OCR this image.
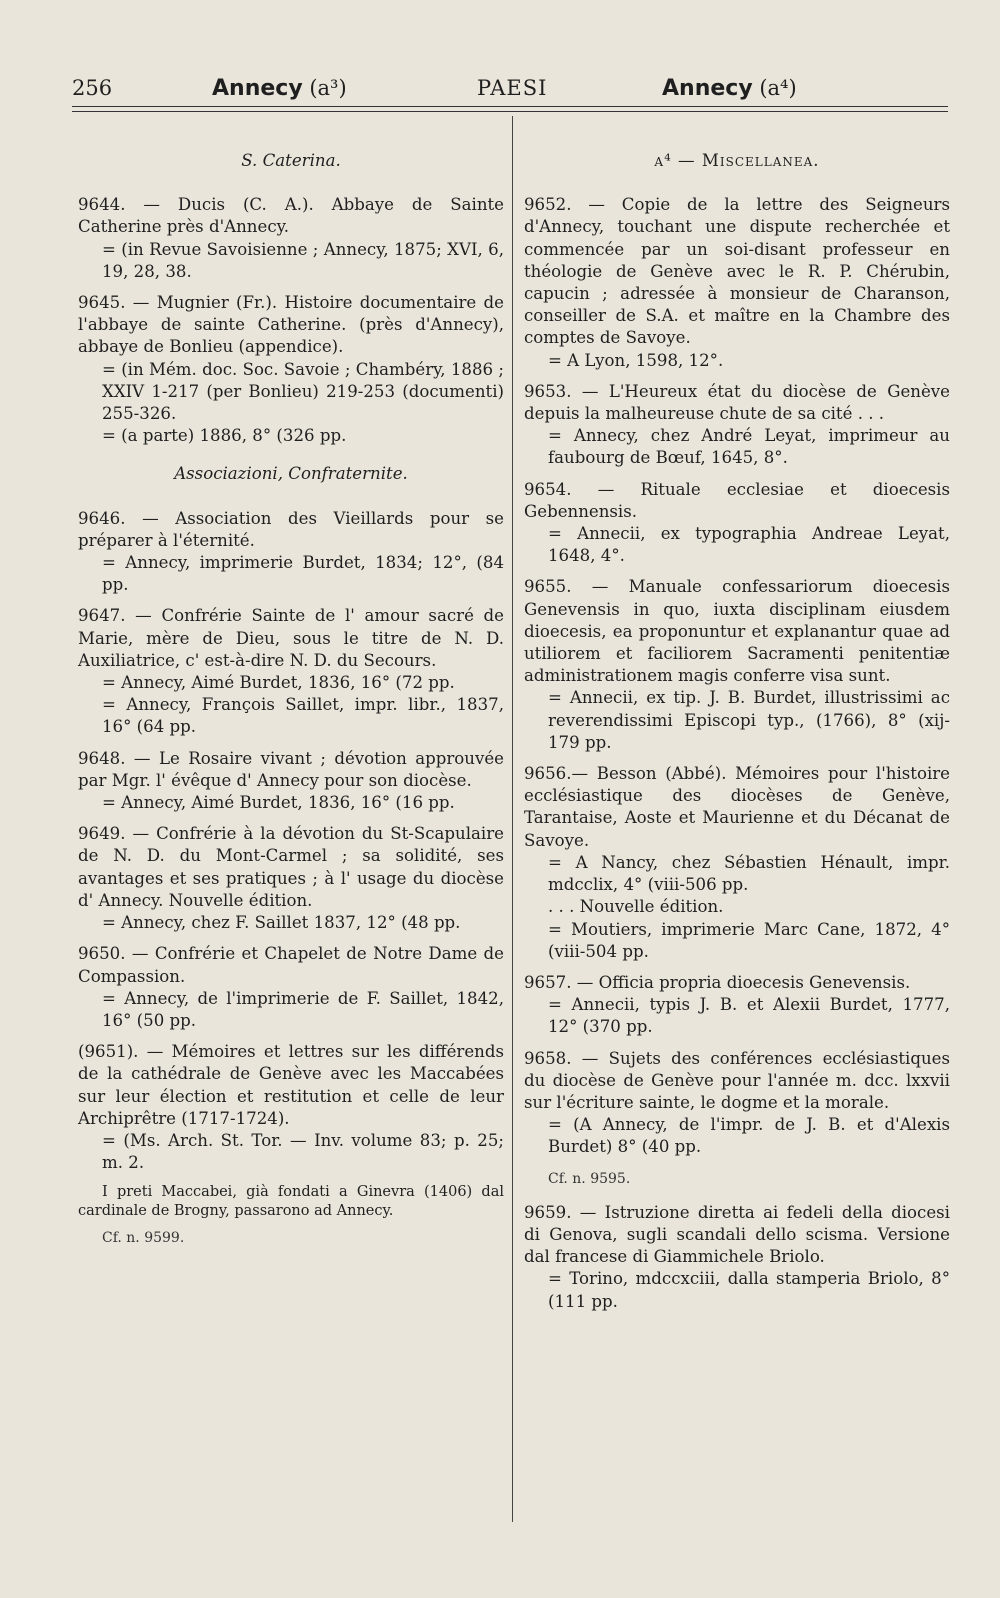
256	Annecy (a³)	PAESI	Annecy (a⁴)

S. Caterina.

9644. — Ducis (C. A.). Abbaye de Sainte Catherine près d'Annecy.

= (in Revue Savoisienne ; Annecy, 1875; XVI, 6, 19, 28, 38.

9645. — Mugnier (Fr.). Histoire documentaire de l'abbaye de sainte Catherine. (près d'Annecy), abbaye de Bonlieu (appendice).

= (in Mém. doc. Soc. Savoie ; Chambéry, 1886 ; XXIV 1-217 (per Bonlieu) 219-253 (documenti) 255-326.

= (a parte) 1886, 8° (326 pp.

Associazioni, Confraternite.

9646. — Association des Vieillards pour se préparer à l'éternité.

= Annecy, imprimerie Burdet, 1834; 12°, (84 pp.

9647. — Confrérie Sainte de l' amour sacré de Marie, mère de Dieu, sous le titre de N. D. Auxiliatrice, c' est-à-dire N. D. du Secours.

= Annecy, Aimé Burdet, 1836, 16° (72 pp.

= Annecy, François Saillet, impr. libr., 1837, 16° (64 pp.

9648. — Le Rosaire vivant ; dévotion approuvée par Mgr. l' évêque d' Annecy pour son diocèse.

= Annecy, Aimé Burdet, 1836, 16° (16 pp.

9649. — Confrérie à la dévotion du St-Scapulaire de N. D. du Mont-Carmel ; sa solidité, ses avantages et ses pratiques ; à l' usage du diocèse d' Annecy. Nouvelle édition.

= Annecy, chez F. Saillet 1837, 12° (48 pp.

9650. — Confrérie et Chapelet de Notre Dame de Compassion.

= Annecy, de l'imprimerie de F. Saillet, 1842, 16° (50 pp.

(9651). — Mémoires et lettres sur les différends de la cathédrale de Genève avec les Maccabées sur leur élection et restitution et celle de leur Archiprêtre (1717-1724).

= (Ms. Arch. St. Tor. — Inv. volume 83; p. 25; m. 2.

I preti Maccabei, già fondati a Ginevra (1406) dal cardinale de Brogny, passarono ad Annecy.

Cf. n. 9599.

a⁴ — Miscellanea.

9652. — Copie de la lettre des Seigneurs d'Annecy, touchant une dispute recherchée et commencée par un soi-disant professeur en théologie de Genève avec le R. P. Chérubin, capucin ; adressée à monsieur de Charanson, conseiller de S.A. et maître en la Chambre des comptes de Savoye.

= A Lyon, 1598, 12°.

9653. — L'Heureux état du diocèse de Genève depuis la malheureuse chute de sa cité . . .

= Annecy, chez André Leyat, imprimeur au faubourg de Bœuf, 1645, 8°.

9654. — Rituale ecclesiae et dioecesis Gebennensis.

= Annecii, ex typographia Andreae Leyat, 1648, 4°.

9655. — Manuale confessariorum dioecesis Genevensis in quo, iuxta disciplinam eiusdem dioecesis, ea proponuntur et explanantur quae ad utiliorem et faciliorem Sacramenti penitentiæ administrationem magis conferre visa sunt.

= Annecii, ex tip. J. B. Burdet, illustrissimi ac reverendissimi Episcopi typ., (1766), 8° (xij-179 pp.

9656.— Besson (Abbé). Mémoires pour l'histoire ecclésiastique des diocèses de Genève, Tarantaise, Aoste et Maurienne et du Décanat de Savoye.

= A Nancy, chez Sébastien Hénault, impr. mdcclix, 4° (viii-506 pp.

. . . Nouvelle édition.

= Moutiers, imprimerie Marc Cane, 1872, 4° (viii-504 pp.

9657. — Officia propria dioecesis Genevensis.

= Annecii, typis J. B. et Alexii Burdet, 1777, 12° (370 pp.

9658. — Sujets des conférences ecclésiastiques du diocèse de Genève pour l'année m. dcc. lxxvii sur l'écriture sainte, le dogme et la morale.

= (A Annecy, de l'impr. de J. B. et d'Alexis Burdet) 8° (40 pp.

Cf. n. 9595.

9659. — Istruzione diretta ai fedeli della diocesi di Genova, sugli scandali dello scisma. Versione dal francese di Giammichele Briolo.

= Torino, mdccxciii, dalla stamperia Briolo, 8° (111 pp.
